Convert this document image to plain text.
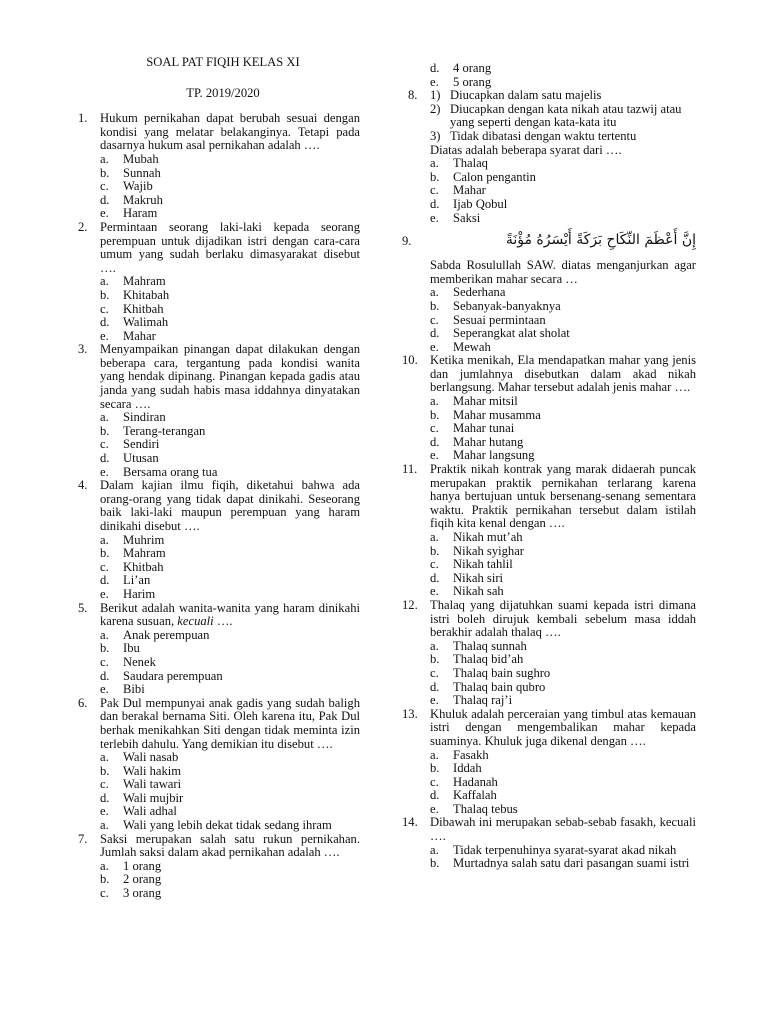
SOAL PAT FIQIH KELAS XI
TP. 2019/2020
1. Hukum pernikahan dapat berubah sesuai dengan kondisi yang melatar belakanginya. Tetapi pada dasarnya hukum asal pernikahan adalah ….
a. Mubah
b. Sunnah
c. Wajib
d. Makruh
e. Haram
2. Permintaan seorang laki-laki kepada seorang perempuan untuk dijadikan istri dengan cara-cara umum yang sudah berlaku dimasyarakat disebut ….
a. Mahram
b. Khitabah
c. Khitbah
d. Walimah
e. Mahar
3. Menyampaikan pinangan dapat dilakukan dengan beberapa cara, tergantung pada kondisi wanita yang hendak dipinang. Pinangan kepada gadis atau janda yang sudah habis masa iddahnya dinyatakan secara ….
a. Sindiran
b. Terang-terangan
c. Sendiri
d. Utusan
e. Bersama orang tua
4. Dalam kajian ilmu fiqih, diketahui bahwa ada orang-orang yang tidak dapat dinikahi. Seseorang baik laki-laki maupun perempuan yang haram dinikahi disebut ….
a. Muhrim
b. Mahram
c. Khitbah
d. Li’an
e. Harim
5. Berikut adalah wanita-wanita yang haram dinikahi karena susuan, kecuali ….
a. Anak perempuan
b. Ibu
c. Nenek
d. Saudara perempuan
e. Bibi
6. Pak Dul mempunyai anak gadis yang sudah baligh dan berakal bernama Siti. Oleh karena itu, Pak Dul berhak menikahkan Siti dengan tidak meminta izin terlebih dahulu. Yang demikian itu disebut ….
a. Wali nasab
b. Wali hakim
c. Wali tawari
d. Wali mujbir
e. Wali adhal
a. Wali yang lebih dekat tidak sedang ihram
7. Saksi merupakan salah satu rukun pernikahan. Jumlah saksi dalam akad pernikahan adalah ….
a. 1 orang
b. 2 orang
c. 3 orang
d. 4 orang
e. 5 orang
8. 1) Diucapkan dalam satu majelis
2) Diucapkan dengan kata nikah atau tazwij atau yang seperti dengan kata-kata itu
3) Tidak dibatasi dengan waktu tertentu
Diatas adalah beberapa syarat dari ….
a. Thalaq
b. Calon pengantin
c. Mahar
d. Ijab Qobul
e. Saksi
9.	إِنَّ أَعْظَمَ النِّكَاحِ بَرَكَةً أَيْسَرُهُ مُؤْنَةً
Sabda Rosulullah SAW. diatas menganjurkan agar memberikan mahar secara …
a. Sederhana
b. Sebanyak-banyaknya
c. Sesuai permintaan
d. Seperangkat alat sholat
e. Mewah
10. Ketika menikah, Ela mendapatkan mahar yang jenis dan jumlahnya disebutkan dalam akad nikah berlangsung. Mahar tersebut adalah jenis mahar ….
a. Mahar mitsil
b. Mahar musamma
c. Mahar tunai
d. Mahar hutang
e. Mahar langsung
11. Praktik nikah kontrak yang marak didaerah puncak merupakan praktik pernikahan terlarang karena hanya bertujuan untuk bersenang-senang sementara waktu. Praktik pernikahan tersebut dalam istilah fiqih kita kenal dengan ….
a. Nikah mut’ah
b. Nikah syighar
c. Nikah tahlil
d. Nikah siri
e. Nikah sah
12. Thalaq yang dijatuhkan suami kepada istri dimana istri boleh dirujuk kembali sebelum masa iddah berakhir adalah thalaq ….
a. Thalaq sunnah
b. Thalaq bid’ah
c. Thalaq bain sughro
d. Thalaq bain qubro
e. Thalaq raj’i
13. Khuluk adalah perceraian yang timbul atas kemauan istri dengan mengembalikan mahar kepada suaminya. Khuluk juga dikenal dengan ….
a. Fasakh
b. Iddah
c. Hadanah
d. Kaffalah
e. Thalaq tebus
14. Dibawah ini merupakan sebab-sebab fasakh, kecuali ….
a. Tidak terpenuhinya syarat-syarat akad nikah
b. Murtadnya salah satu dari pasangan suami istri
